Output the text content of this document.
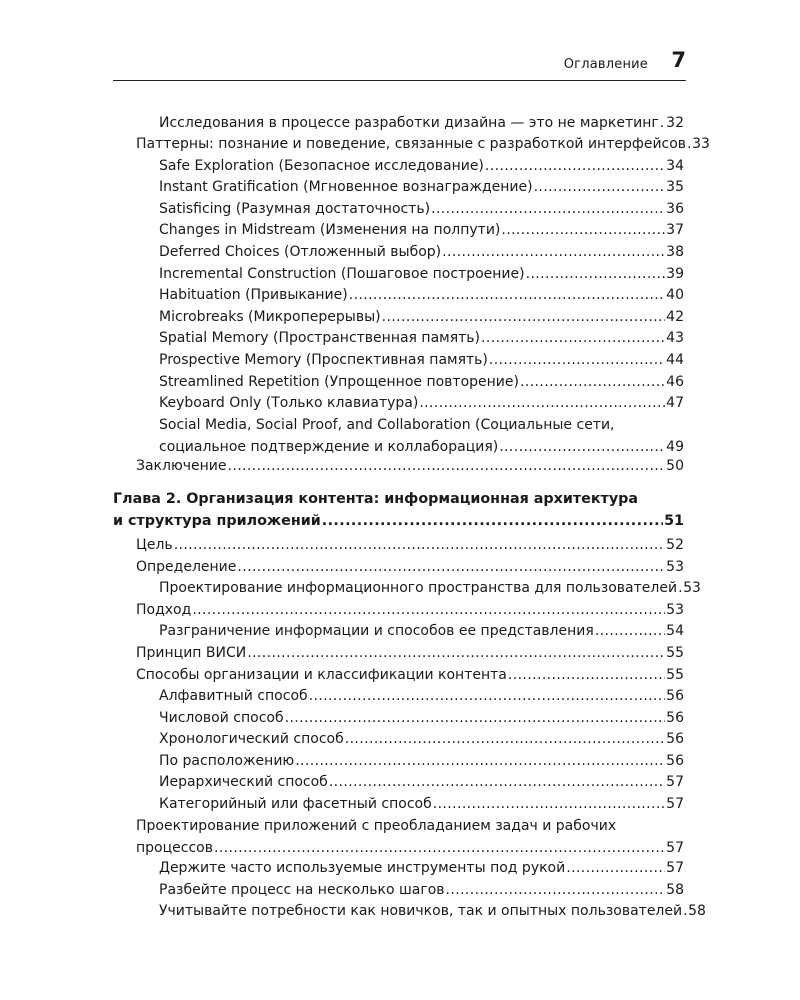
Оглавление 7
Исследования в процессе разработки дизайна — это не маркетинг ..... 32
Паттерны: познание и поведение, связанные с разработкой интерфейсов ..... 33
Safe Exploration (Безопасное исследование) .....	34
Instant Gratification (Мгновенное вознаграждение) .....	35
Satisficing (Разумная достаточность) .....	36
Changes in Midstream (Изменения на полпути) .....	37
Deferred Choices (Отложенный выбор) .....	38
Incremental Construction (Пошаговое построение) .....	39
Habituation (Привыкание) .....	40
Microbreaks (Микроперерывы) .....	42
Spatial Memory (Пространственная память) .....	43
Prospective Memory (Проспективная память) .....	44
Streamlined Repetition (Упрощенное повторение) .....	46
Keyboard Only (Только клавиатура) .....	47
Social Media, Social Proof, and Collaboration (Социальные сети,
социальное подтверждение и коллаборация) .....	49
Заключение .....	50
Глава 2. Организация контента: информационная архитектура
и структура приложений .....	51
Цель .....	52
Определение .....	53
Проектирование информационного пространства для пользователей ..... 53
Подход .....	53
Разграничение информации и способов ее представления .....	54
Принцип ВИСИ .....	55
Способы организации и классификации контента .....	55
Алфавитный способ .....	56
Числовой способ .....	56
Хронологический способ .....	56
По расположению .....	56
Иерархический способ .....	57
Категорийный или фасетный способ .....	57
Проектирование приложений с преобладанием задач и рабочих
процессов .....	57
Держите часто используемые инструменты под рукой .....	57
Разбейте процесс на несколько шагов .....	58
Учитывайте потребности как новичков, так и опытных пользователей ..... 58
